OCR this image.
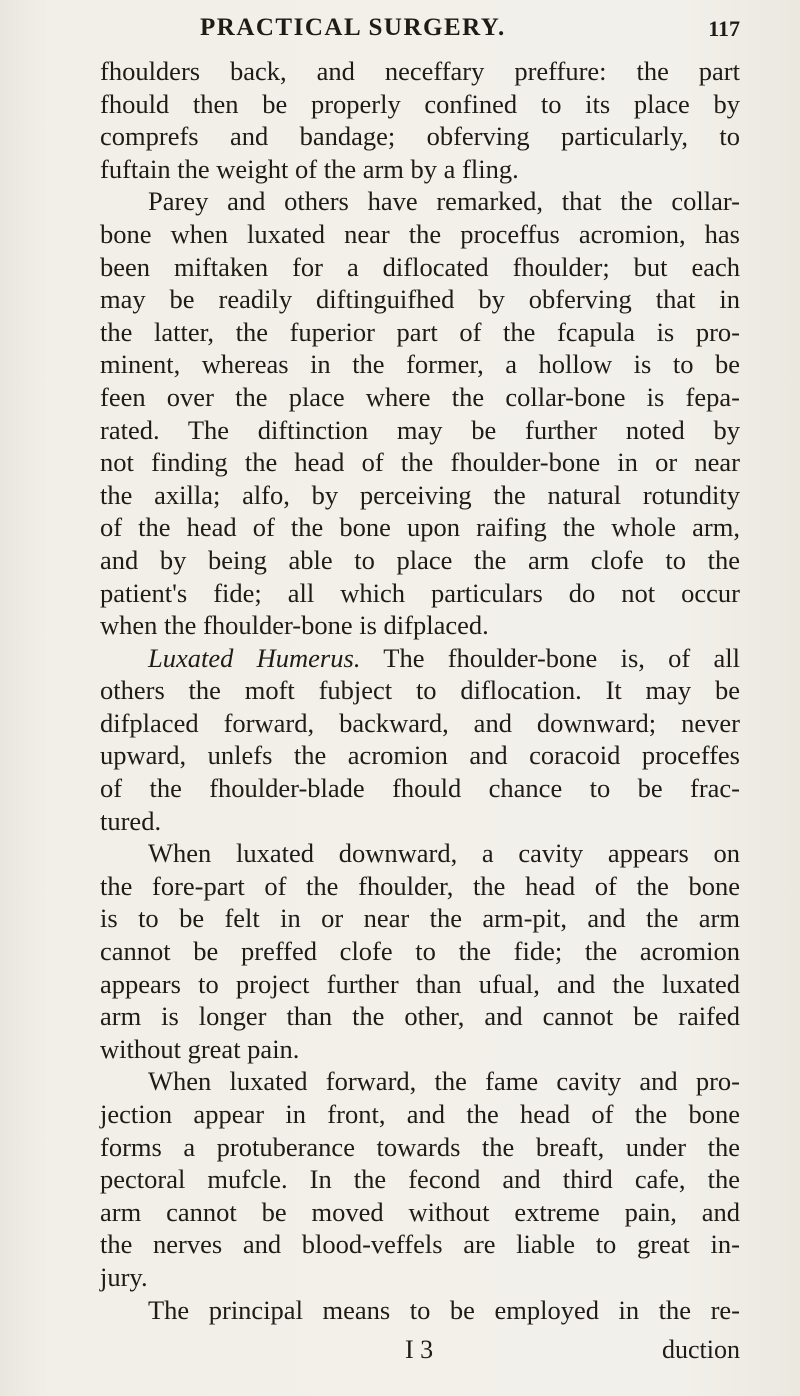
PRACTICAL SURGERY.	117
fhoulders back, and neceffary preffure: the part
fhould then be properly confined to its place by
comprefs and bandage; obferving particularly, to
fuftain the weight of the arm by a fling.
Parey and others have remarked, that the collar-
bone when luxated near the proceffus acromion, has
been miftaken for a diflocated fhoulder; but each
may be readily diftinguifhed by obferving that in
the latter, the fuperior part of the fcapula is pro-
minent, whereas in the former, a hollow is to be
feen over the place where the collar-bone is fepa-
rated. The diftinction may be further noted by
not finding the head of the fhoulder-bone in or near
the axilla; alfo, by perceiving the natural rotundity
of the head of the bone upon raifing the whole arm,
and by being able to place the arm clofe to the
patient's fide; all which particulars do not occur
when the fhoulder-bone is difplaced.
Luxated Humerus. The fhoulder-bone is, of all
others the moft fubject to diflocation. It may be
difplaced forward, backward, and downward; never
upward, unlefs the acromion and coracoid proceffes
of the fhoulder-blade fhould chance to be frac-
tured.
When luxated downward, a cavity appears on
the fore-part of the fhoulder, the head of the bone
is to be felt in or near the arm-pit, and the arm
cannot be preffed clofe to the fide; the acromion
appears to project further than ufual, and the luxated
arm is longer than the other, and cannot be raifed
without great pain.
When luxated forward, the fame cavity and pro-
jection appear in front, and the head of the bone
forms a protuberance towards the breaft, under the
pectoral mufcle. In the fecond and third cafe, the
arm cannot be moved without extreme pain, and
the nerves and blood-veffels are liable to great in-
jury.
The principal means to be employed in the re-
I 3	duction
